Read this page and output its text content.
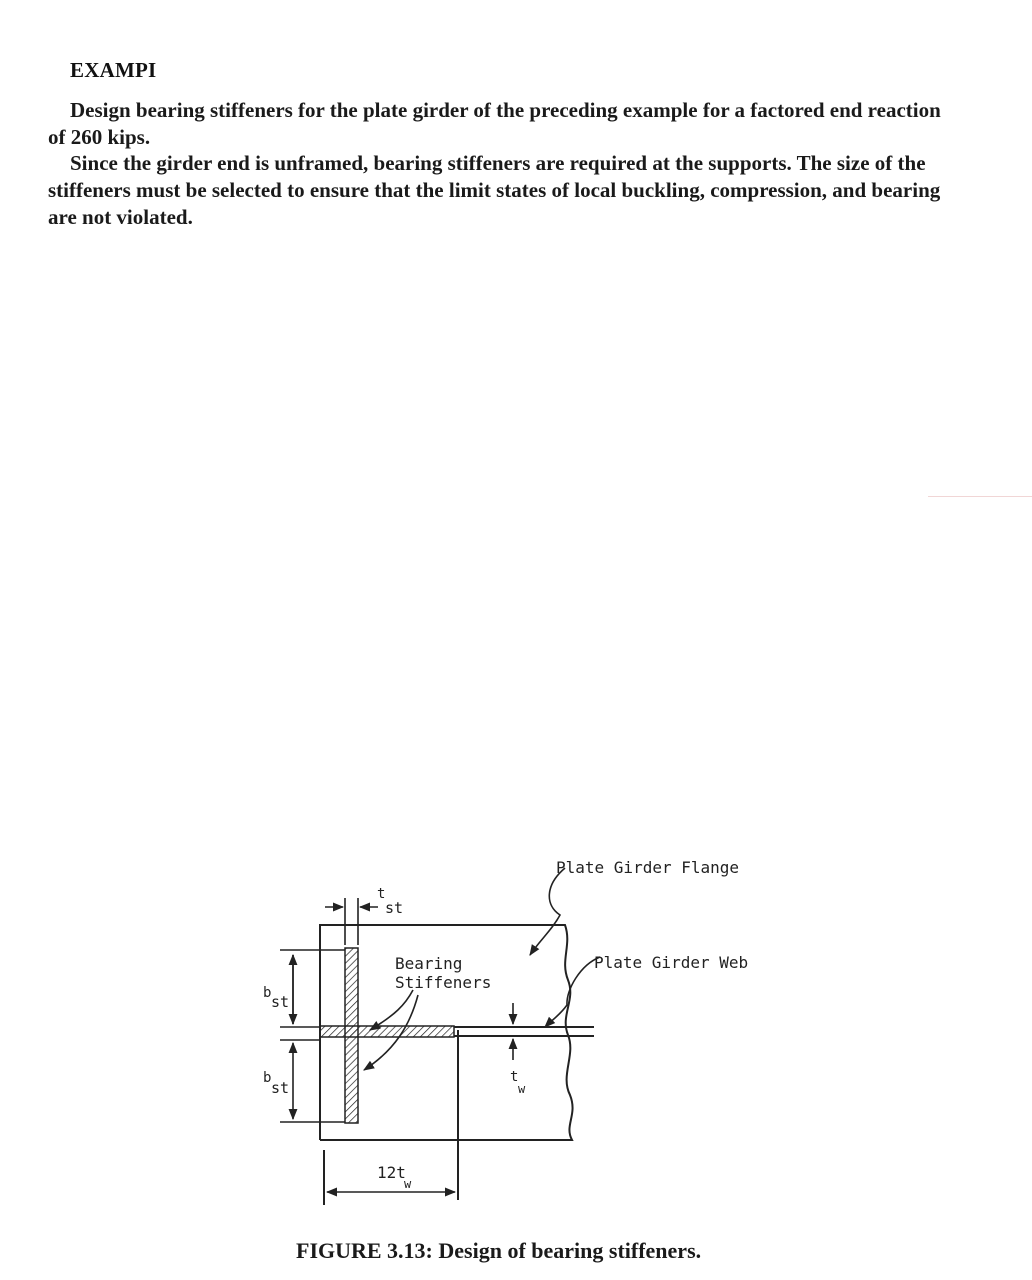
EXAMPI
Design bearing stiffeners for the plate girder of the preceding example for a factored end reaction of 260 kips.
Since the girder end is unframed, bearing stiffeners are required at the supports. The size of the stiffeners must be selected to ensure that the limit states of local buckling, compression, and bearing are not violated.
Plate Girder Flange
Plate Girder Web
Bearing
Stiffeners
t
st
b st
b
st
t
w
12t
w
FIGURE 3.13: Design of bearing stiffeners.
